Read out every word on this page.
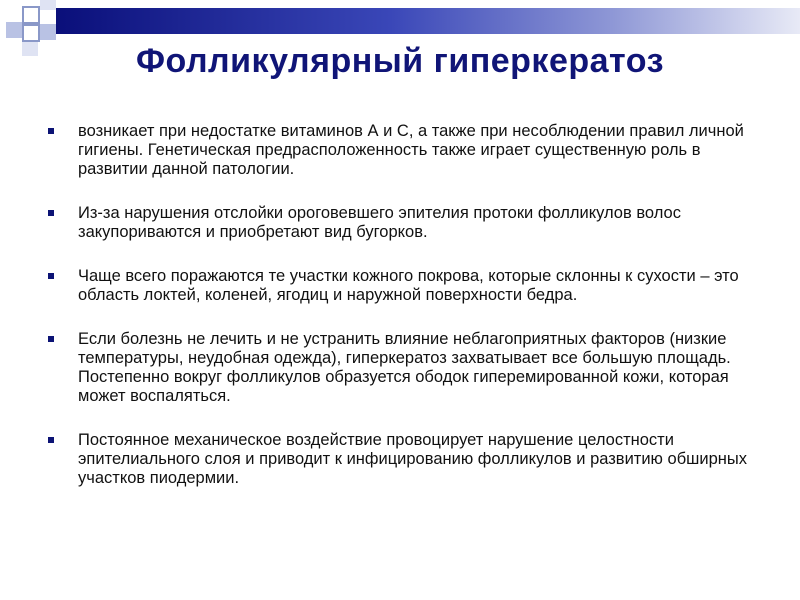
Фолликулярный гиперкератоз
возникает при недостатке витаминов А и С, а также при несоблюдении правил личной гигиены. Генетическая предрасположенность также играет существенную роль в развитии данной патологии.
Из-за нарушения отслойки ороговевшего эпителия протоки фолликулов волос закупориваются и приобретают вид бугорков.
Чаще всего поражаются те участки кожного покрова, которые склонны к сухости – это область локтей, коленей, ягодиц и наружной поверхности бедра.
Если болезнь не лечить и не устранить влияние неблагоприятных факторов (низкие температуры, неудобная одежда), гиперкератоз захватывает все большую площадь. Постепенно вокруг фолликулов образуется ободок гиперемированной кожи, которая может воспаляться.
Постоянное механическое воздействие провоцирует нарушение целостности эпителиального слоя и приводит к инфицированию фолликулов и развитию обширных участков пиодермии.
